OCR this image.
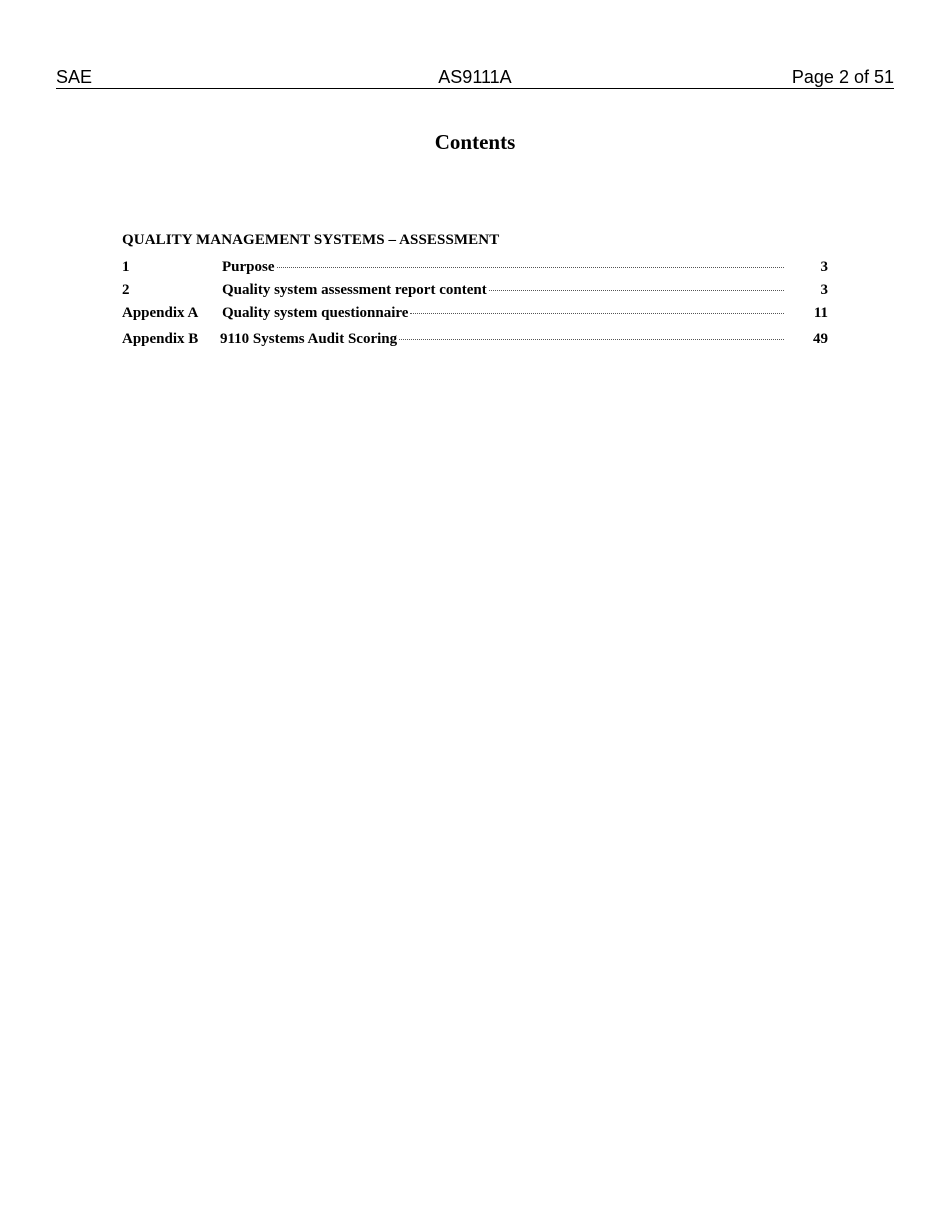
SAE	AS9111A	Page 2 of 51
Contents
QUALITY MANAGEMENT SYSTEMS – ASSESSMENT
1	Purpose	3
2	Quality system assessment report content	3
Appendix A Quality system questionnaire	11
Appendix B 9110 Systems Audit Scoring	49
